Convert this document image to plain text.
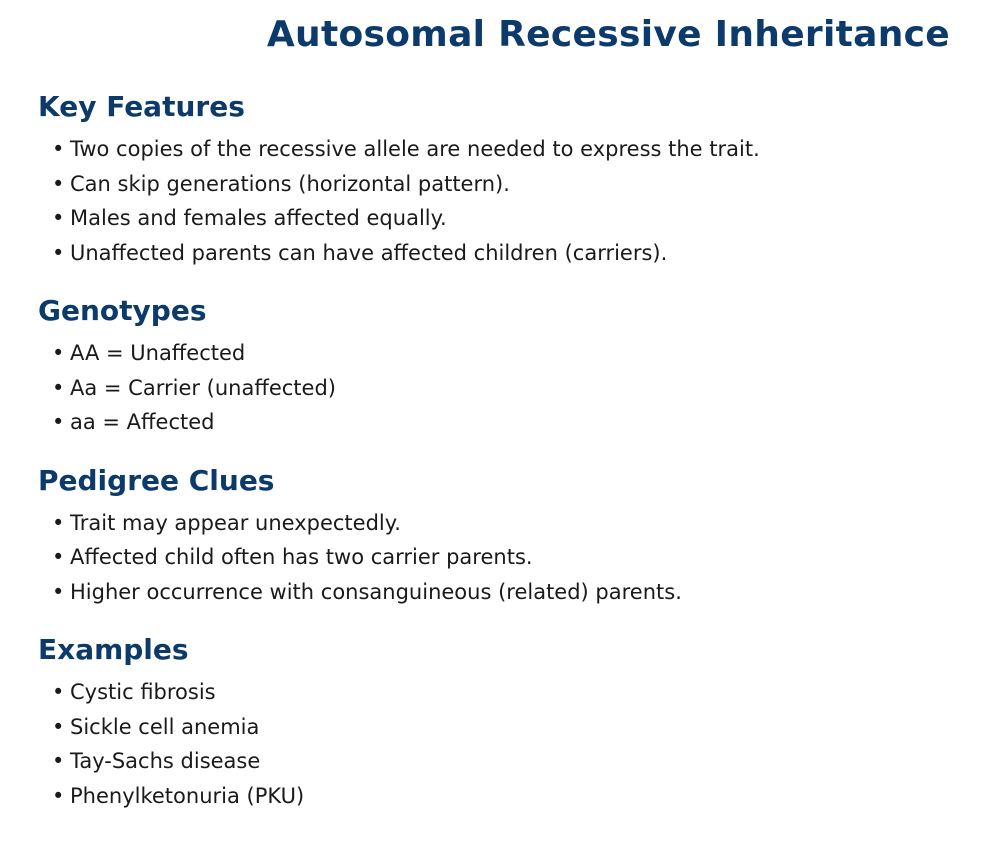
Autosomal Recessive Inheritance
Key Features
• Two copies of the recessive allele are needed to express the trait.
• Can skip generations (horizontal pattern).
• Males and females affected equally.
• Unaffected parents can have affected children (carriers).
Genotypes
• AA = Unaffected
• Aa = Carrier (unaffected)
• aa = Affected
Pedigree Clues
• Trait may appear unexpectedly.
• Affected child often has two carrier parents.
• Higher occurrence with consanguineous (related) parents.
Examples
• Cystic fibrosis
• Sickle cell anemia
• Tay-Sachs disease
• Phenylketonuria (PKU)
